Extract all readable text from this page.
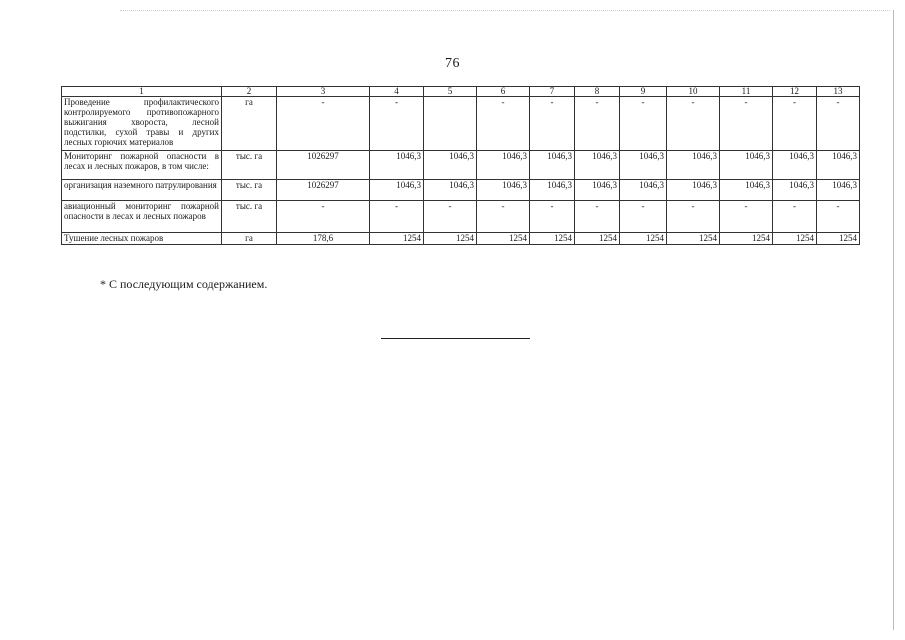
76
1	2	3	4	5	6	7	8	9	10	11	12	13
Проведение профилактического контролируемого противопожарного выжигания хворостa, лесной подстилки, сухой травы и других лесных горючих материалов	га	-	-		-	-	-	-	-	-	-	-
Мониторинг пожарной опасности в лесах и лесных пожаров, в том числе:	тыс. га	1026297	1046,3	1046,3	1046,3	1046,3	1046,3	1046,3	1046,3	1046,3	1046,3	1046,3
организация наземного патрулирования	тыс. га	1026297	1046,3	1046,3	1046,3	1046,3	1046,3	1046,3	1046,3	1046,3	1046,3	1046,3
авиационный мониторинг пожарной опасности в лесах и лесных пожаров	тыс. га	-	-	-	-	-	-	-	-	-	-	-
Тушение лесных пожаров	га	178,6	1254	1254	1254	1254	1254	1254	1254	1254	1254	1254
* С последующим содержанием.
